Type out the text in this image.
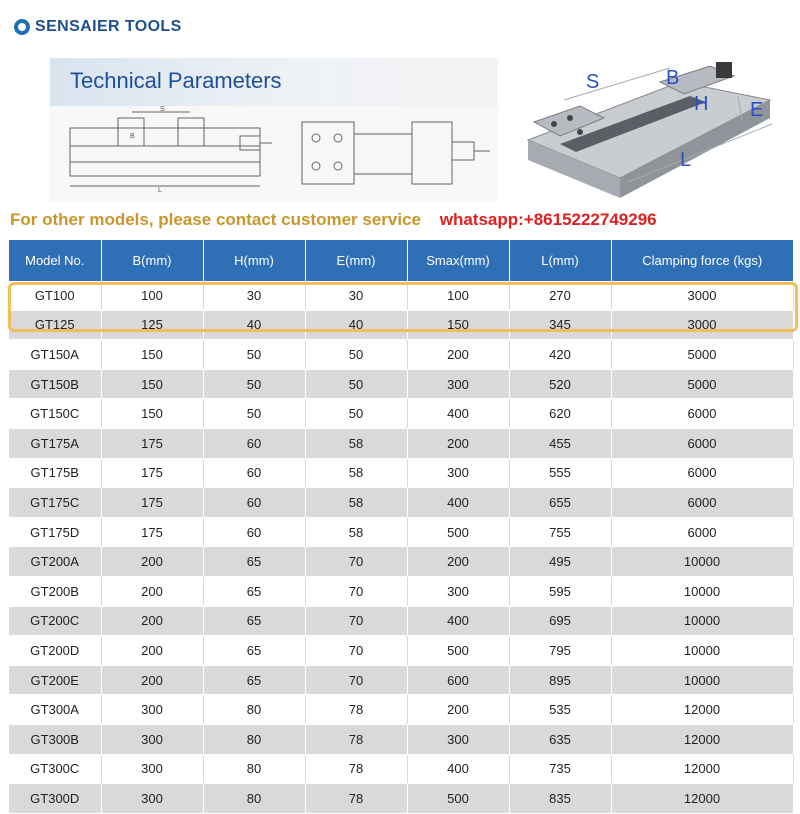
SENSAIER TOOLS
Technical Parameters
L
S
B
S	B
H E
L
For other models, please contact customer service whatsapp:+8615222749296
Model No.	B(mm)	H(mm)	E(mm)	Smax(mm)	L(mm)	Clamping force (kgs)
GT100	100	30	30	100	270	3000
GT125	125	40	40	150	345	3000
GT150A	150	50	50	200	420	5000
GT150B	150	50	50	300	520	5000
GT150C	150	50	50	400	620	6000
GT175A	175	60	58	200	455	6000
GT175B	175	60	58	300	555	6000
GT175C	175	60	58	400	655	6000
GT175D	175	60	58	500	755	6000
GT200A	200	65	70	200	495	10000
GT200B	200	65	70	300	595	10000
GT200C	200	65	70	400	695	10000
GT200D	200	65	70	500	795	10000
GT200E	200	65	70	600	895	10000
GT300A	300	80	78	200	535	12000
GT300B	300	80	78	300	635	12000
GT300C	300	80	78	400	735	12000
GT300D	300	80	78	500	835	12000
